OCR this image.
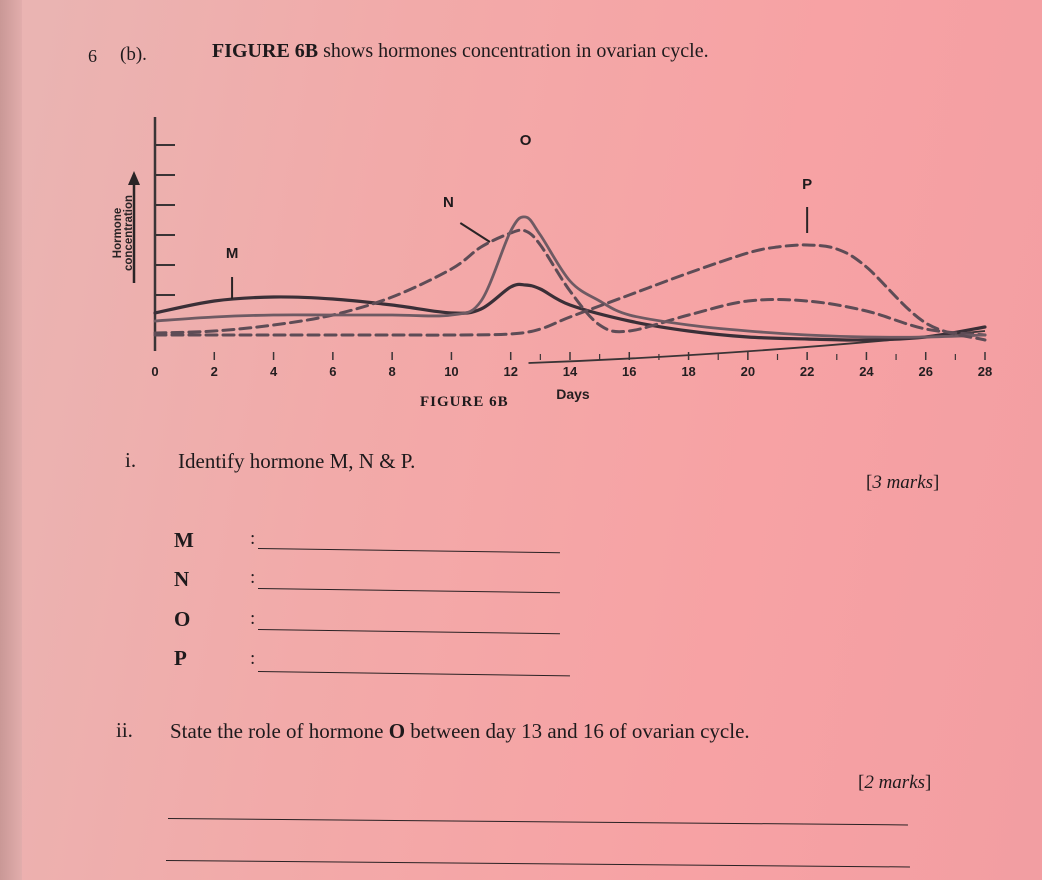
6 (b).	FIGURE 6B shows hormones concentration in ovarian cycle.
Hormone concentration
0	2	4	6	8	10	12	14	16	18	20	22	24	26	28
Days
M
N
O
P
FIGURE 6B
i. Identify hormone M, N & P.
[3 marks]
M	:
N	:
O	:
P	:
ii. State the role of hormone O between day 13 and 16 of ovarian cycle.
[2 marks]
